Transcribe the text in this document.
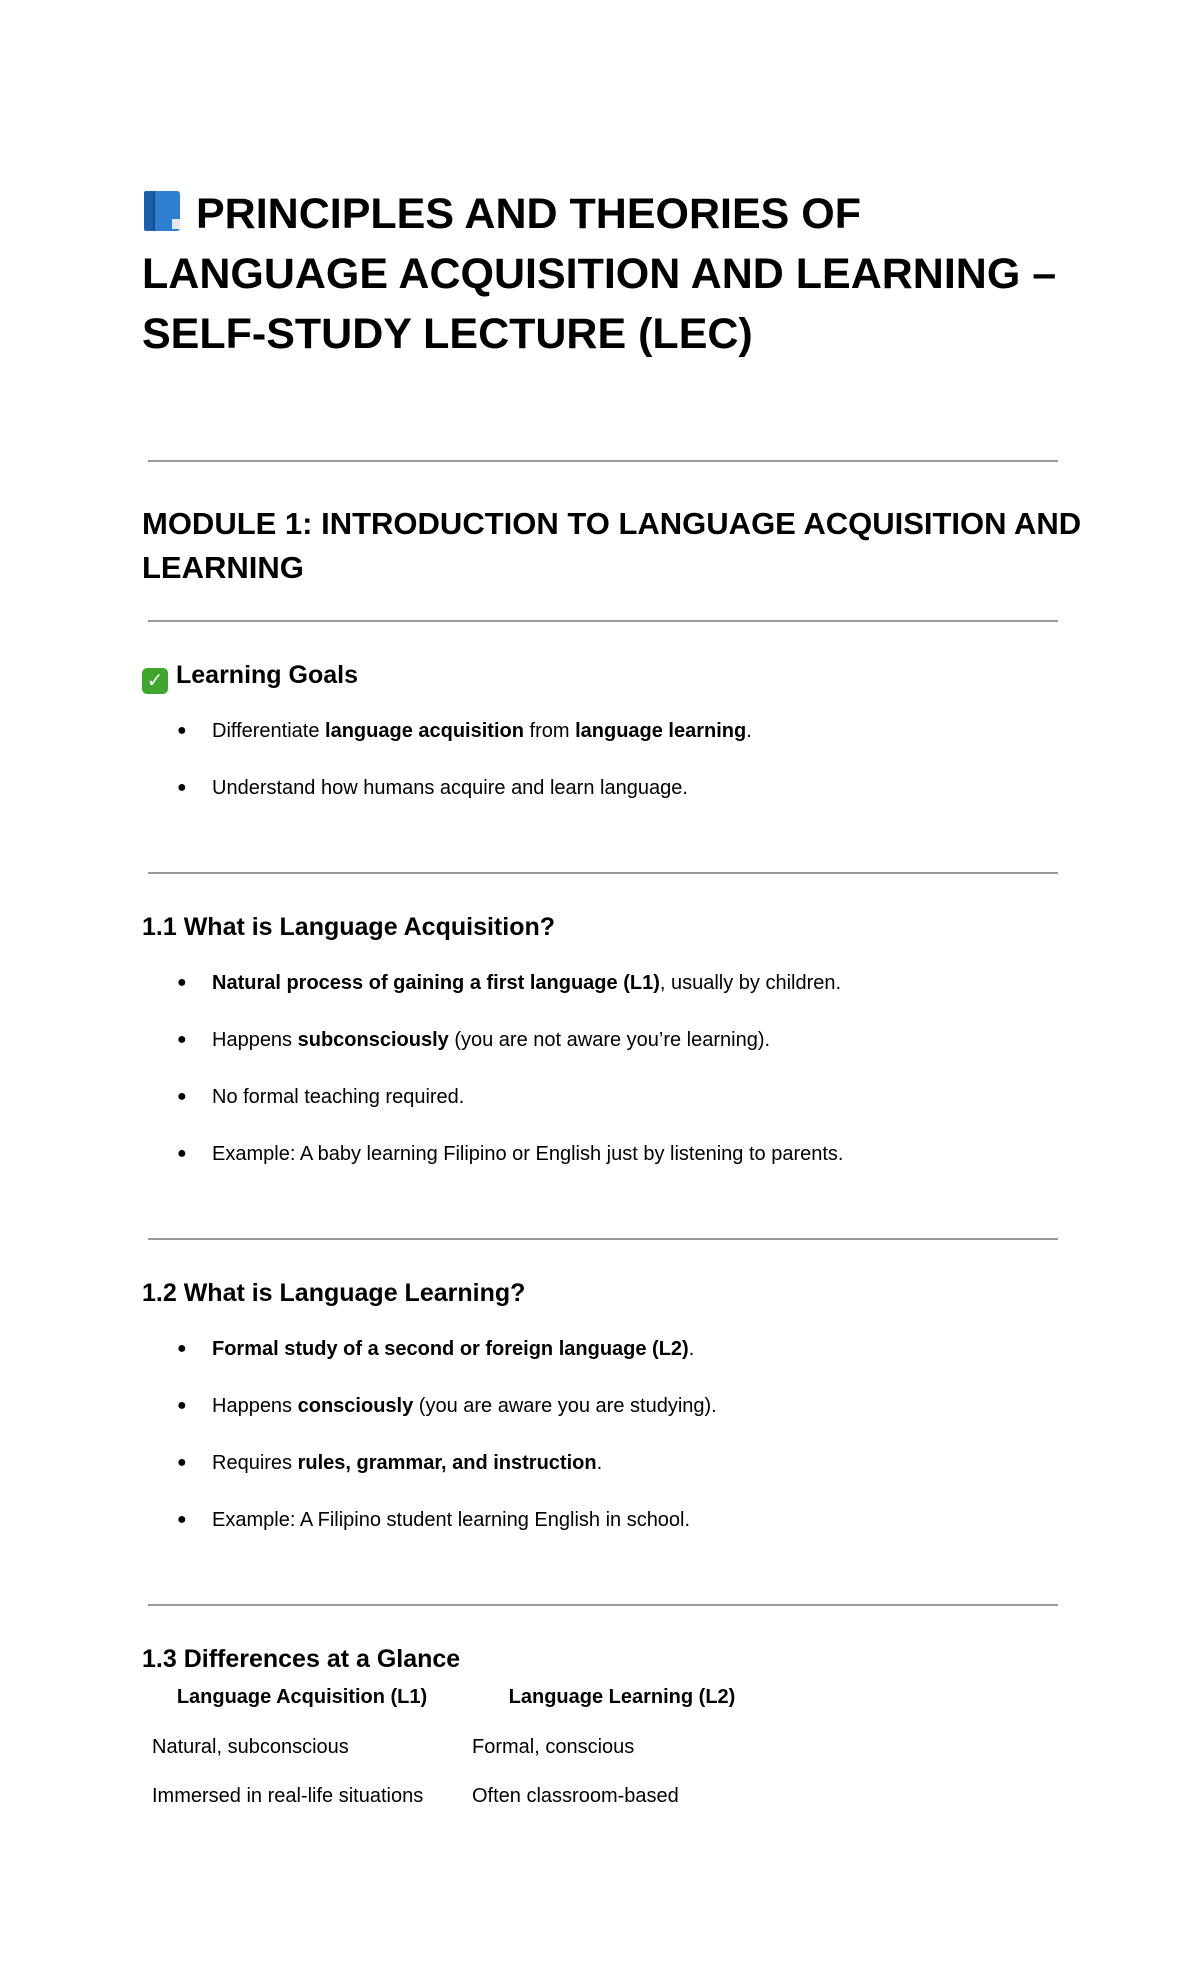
PRINCIPLES AND THEORIES OF LANGUAGE ACQUISITION AND LEARNING – SELF-STUDY LECTURE (LEC)
MODULE 1: INTRODUCTION TO LANGUAGE ACQUISITION AND LEARNING
✓ Learning Goals
● Differentiate language acquisition from language learning.
● Understand how humans acquire and learn language.
1.1 What is Language Acquisition?
● Natural process of gaining a first language (L1), usually by children.
● Happens subconsciously (you are not aware you’re learning).
● No formal teaching required.
● Example: A baby learning Filipino or English just by listening to parents.
1.2 What is Language Learning?
● Formal study of a second or foreign language (L2).
● Happens consciously (you are aware you are studying).
● Requires rules, grammar, and instruction.
● Example: A Filipino student learning English in school.
1.3 Differences at a Glance
Language Acquisition (L1)	Language Learning (L2)
Natural, subconscious	Formal, conscious
Immersed in real-life situations	Often classroom-based
